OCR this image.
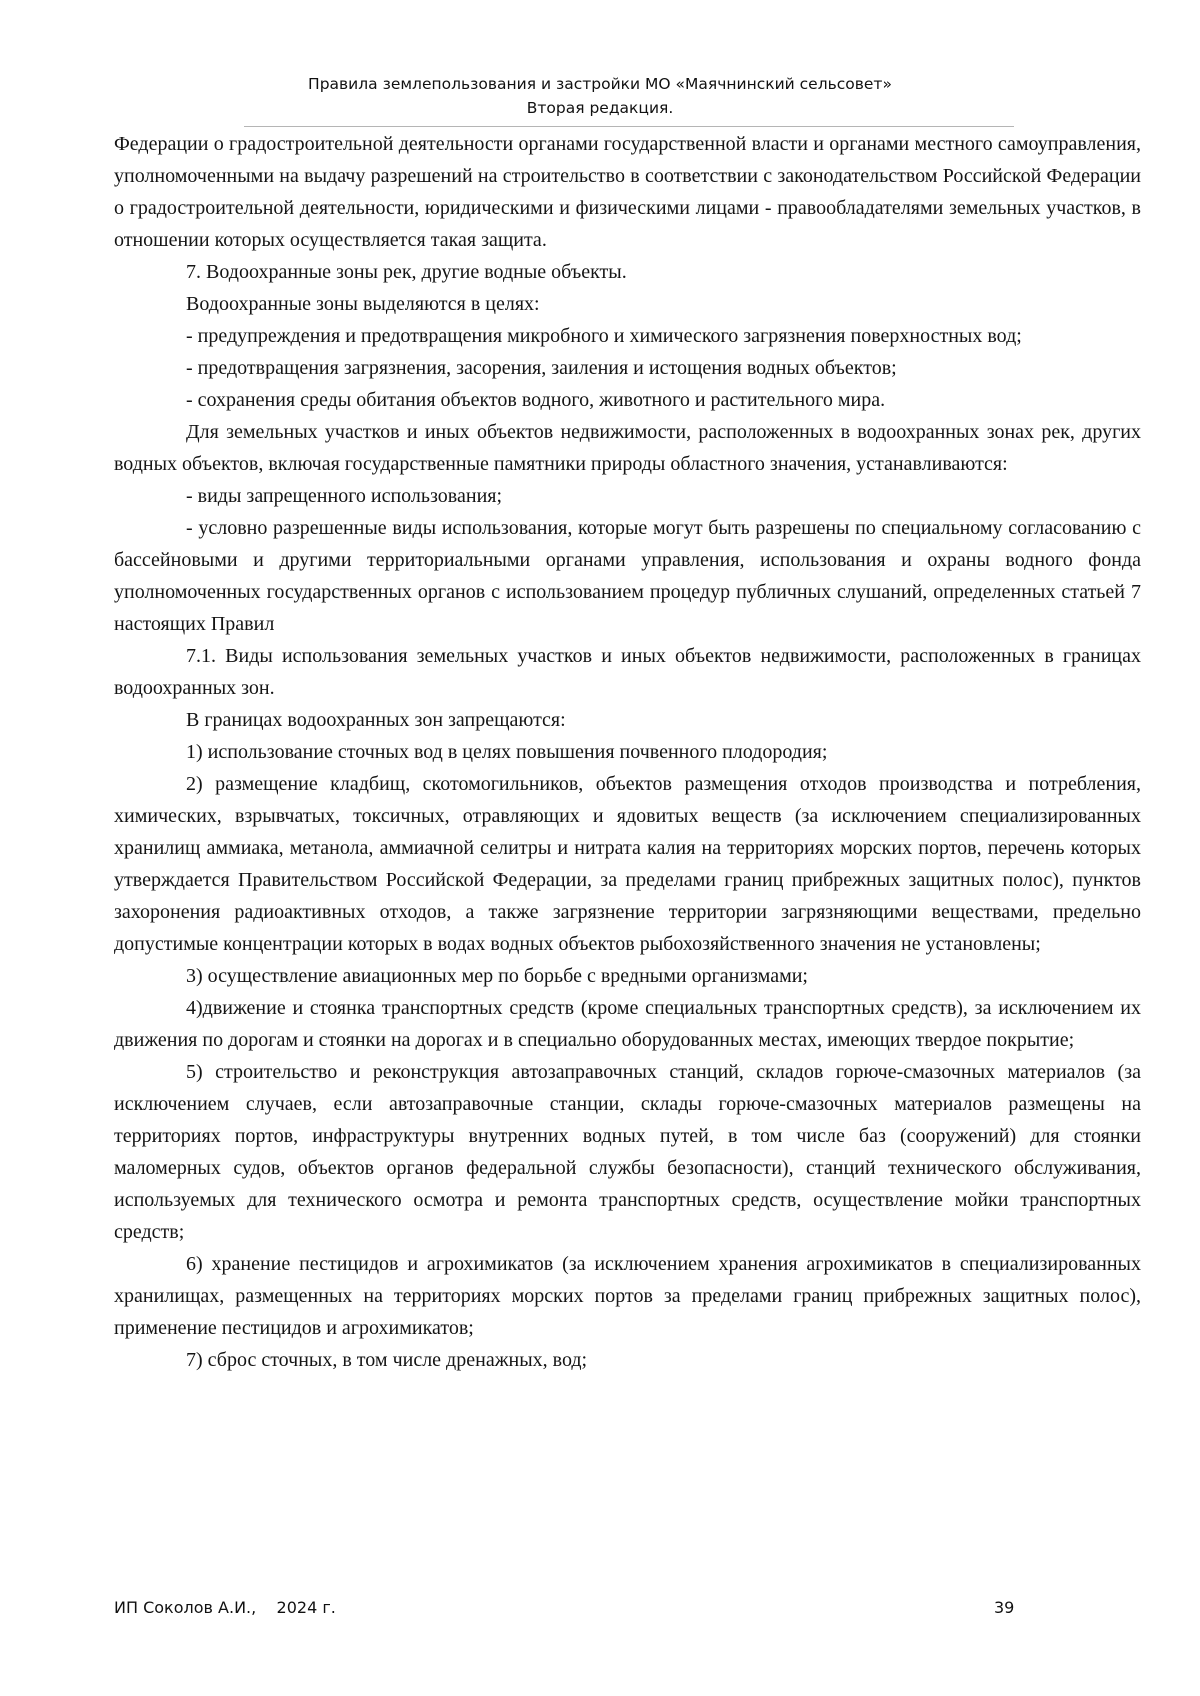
Правила землепользования и застройки МО «Маячнинский сельсовет»
Вторая редакция.

Федерации о градостроительной деятельности органами государственной власти и органами местного самоуправления, уполномоченными на выдачу разрешений на строительство в соответствии с законодательством Российской Федерации о градостроительной деятельности, юридическими и физическими лицами - правообладателями земельных участков, в отношении которых осуществляется такая защита.

7. Водоохранные зоны рек, другие водные объекты.

Водоохранные зоны выделяются в целях:

- предупреждения и предотвращения микробного и химического загрязнения поверхностных вод;

- предотвращения загрязнения, засорения, заиления и истощения водных объектов;

- сохранения среды обитания объектов водного, животного и растительного мира.

Для земельных участков и иных объектов недвижимости, расположенных в водоохранных зонах рек, других водных объектов, включая государственные памятники природы областного значения, устанавливаются:

- виды запрещенного использования;

- условно разрешенные виды использования, которые могут быть разрешены по специальному согласованию с бассейновыми и другими территориальными органами управления, использования и охраны водного фонда уполномоченных государственных органов с использованием процедур публичных слушаний, определенных статьей 7 настоящих Правил

7.1. Виды использования земельных участков и иных объектов недвижимости, расположенных в границах водоохранных зон.

В границах водоохранных зон запрещаются:

1) использование сточных вод в целях повышения почвенного плодородия;

2) размещение кладбищ, скотомогильников, объектов размещения отходов производства и потребления, химических, взрывчатых, токсичных, отравляющих и ядовитых веществ (за исключением специализированных хранилищ аммиака, метанола, аммиачной селитры и нитрата калия на территориях морских портов, перечень которых утверждается Правительством Российской Федерации, за пределами границ прибрежных защитных полос), пунктов захоронения радиоактивных отходов, а также загрязнение территории загрязняющими веществами, предельно допустимые концентрации которых в водах водных объектов рыбохозяйственного значения не установлены;

3) осуществление авиационных мер по борьбе с вредными организмами;

4)движение и стоянка транспортных средств (кроме специальных транспортных средств), за исключением их движения по дорогам и стоянки на дорогах и в специально оборудованных местах, имеющих твердое покрытие;

5) строительство и реконструкция автозаправочных станций, складов горюче-смазочных материалов (за исключением случаев, если автозаправочные станции, склады горюче-смазочных материалов размещены на территориях портов, инфраструктуры внутренних водных путей, в том числе баз (сооружений) для стоянки маломерных судов, объектов органов федеральной службы безопасности), станций технического обслуживания, используемых для технического осмотра и ремонта транспортных средств, осуществление мойки транспортных средств;

6) хранение пестицидов и агрохимикатов (за исключением хранения агрохимикатов в специализированных хранилищах, размещенных на территориях морских портов за пределами границ прибрежных защитных полос), применение пестицидов и агрохимикатов;

7) сброс сточных, в том числе дренажных, вод;

ИП Соколов А.И.,    2024 г.	39
